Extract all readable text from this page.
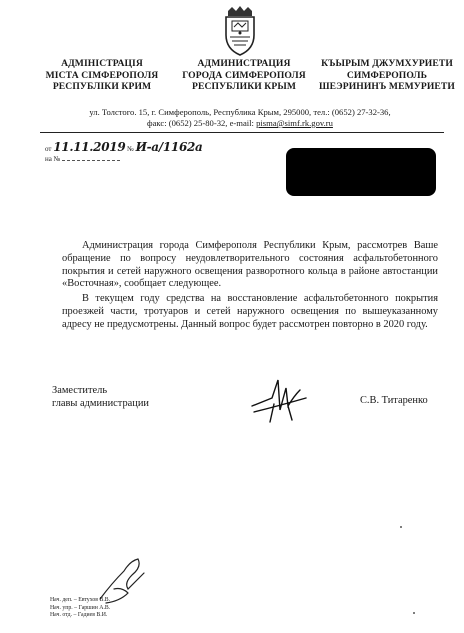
АДМІНІСТРАЦІЯ
МІСТА СІМФЕРОПОЛЯ
РЕСПУБЛІКИ КРИМ
АДМИНИСТРАЦИЯ
ГОРОДА СИМФЕРОПОЛЯ
РЕСПУБЛИКИ КРЫМ
КЪЫРЫМ ДЖУМХУРИЕТИ
СИМФЕРОПОЛЬ
ШЕЭРИНИНЪ МЕМУРИЕТИ
ул. Толстого. 15, г. Симферополь, Республика Крым, 295000, тел.: (0652) 27-32-36,
факс: (0652) 25-80-32, e-mail: pisma@simf.rk.gov.ru
от 11.11.2019 № И-а/1162а
на №
Администрация города Симферополя Республики Крым, рассмотрев Ваше обращение по вопросу неудовлетворительного состояния асфальтобетонного покрытия и сетей наружного освещения разворотного кольца в районе автостанции «Восточная», сообщает следующее.
В текущем году средства на восстановление асфальтобетонного покрытия проезжей части, тротуаров и сетей наружного освещения по вышеуказанному адресу не предусмотрены. Данный вопрос будет рассмотрен повторно в 2020 году.
Заместитель
главы администрации	С.В. Титаренко
Нач. деп. – Евтухов В.В.
Нач. упр. – Гаршин А.В.
Нач. отд. – Гадиев В.И.
